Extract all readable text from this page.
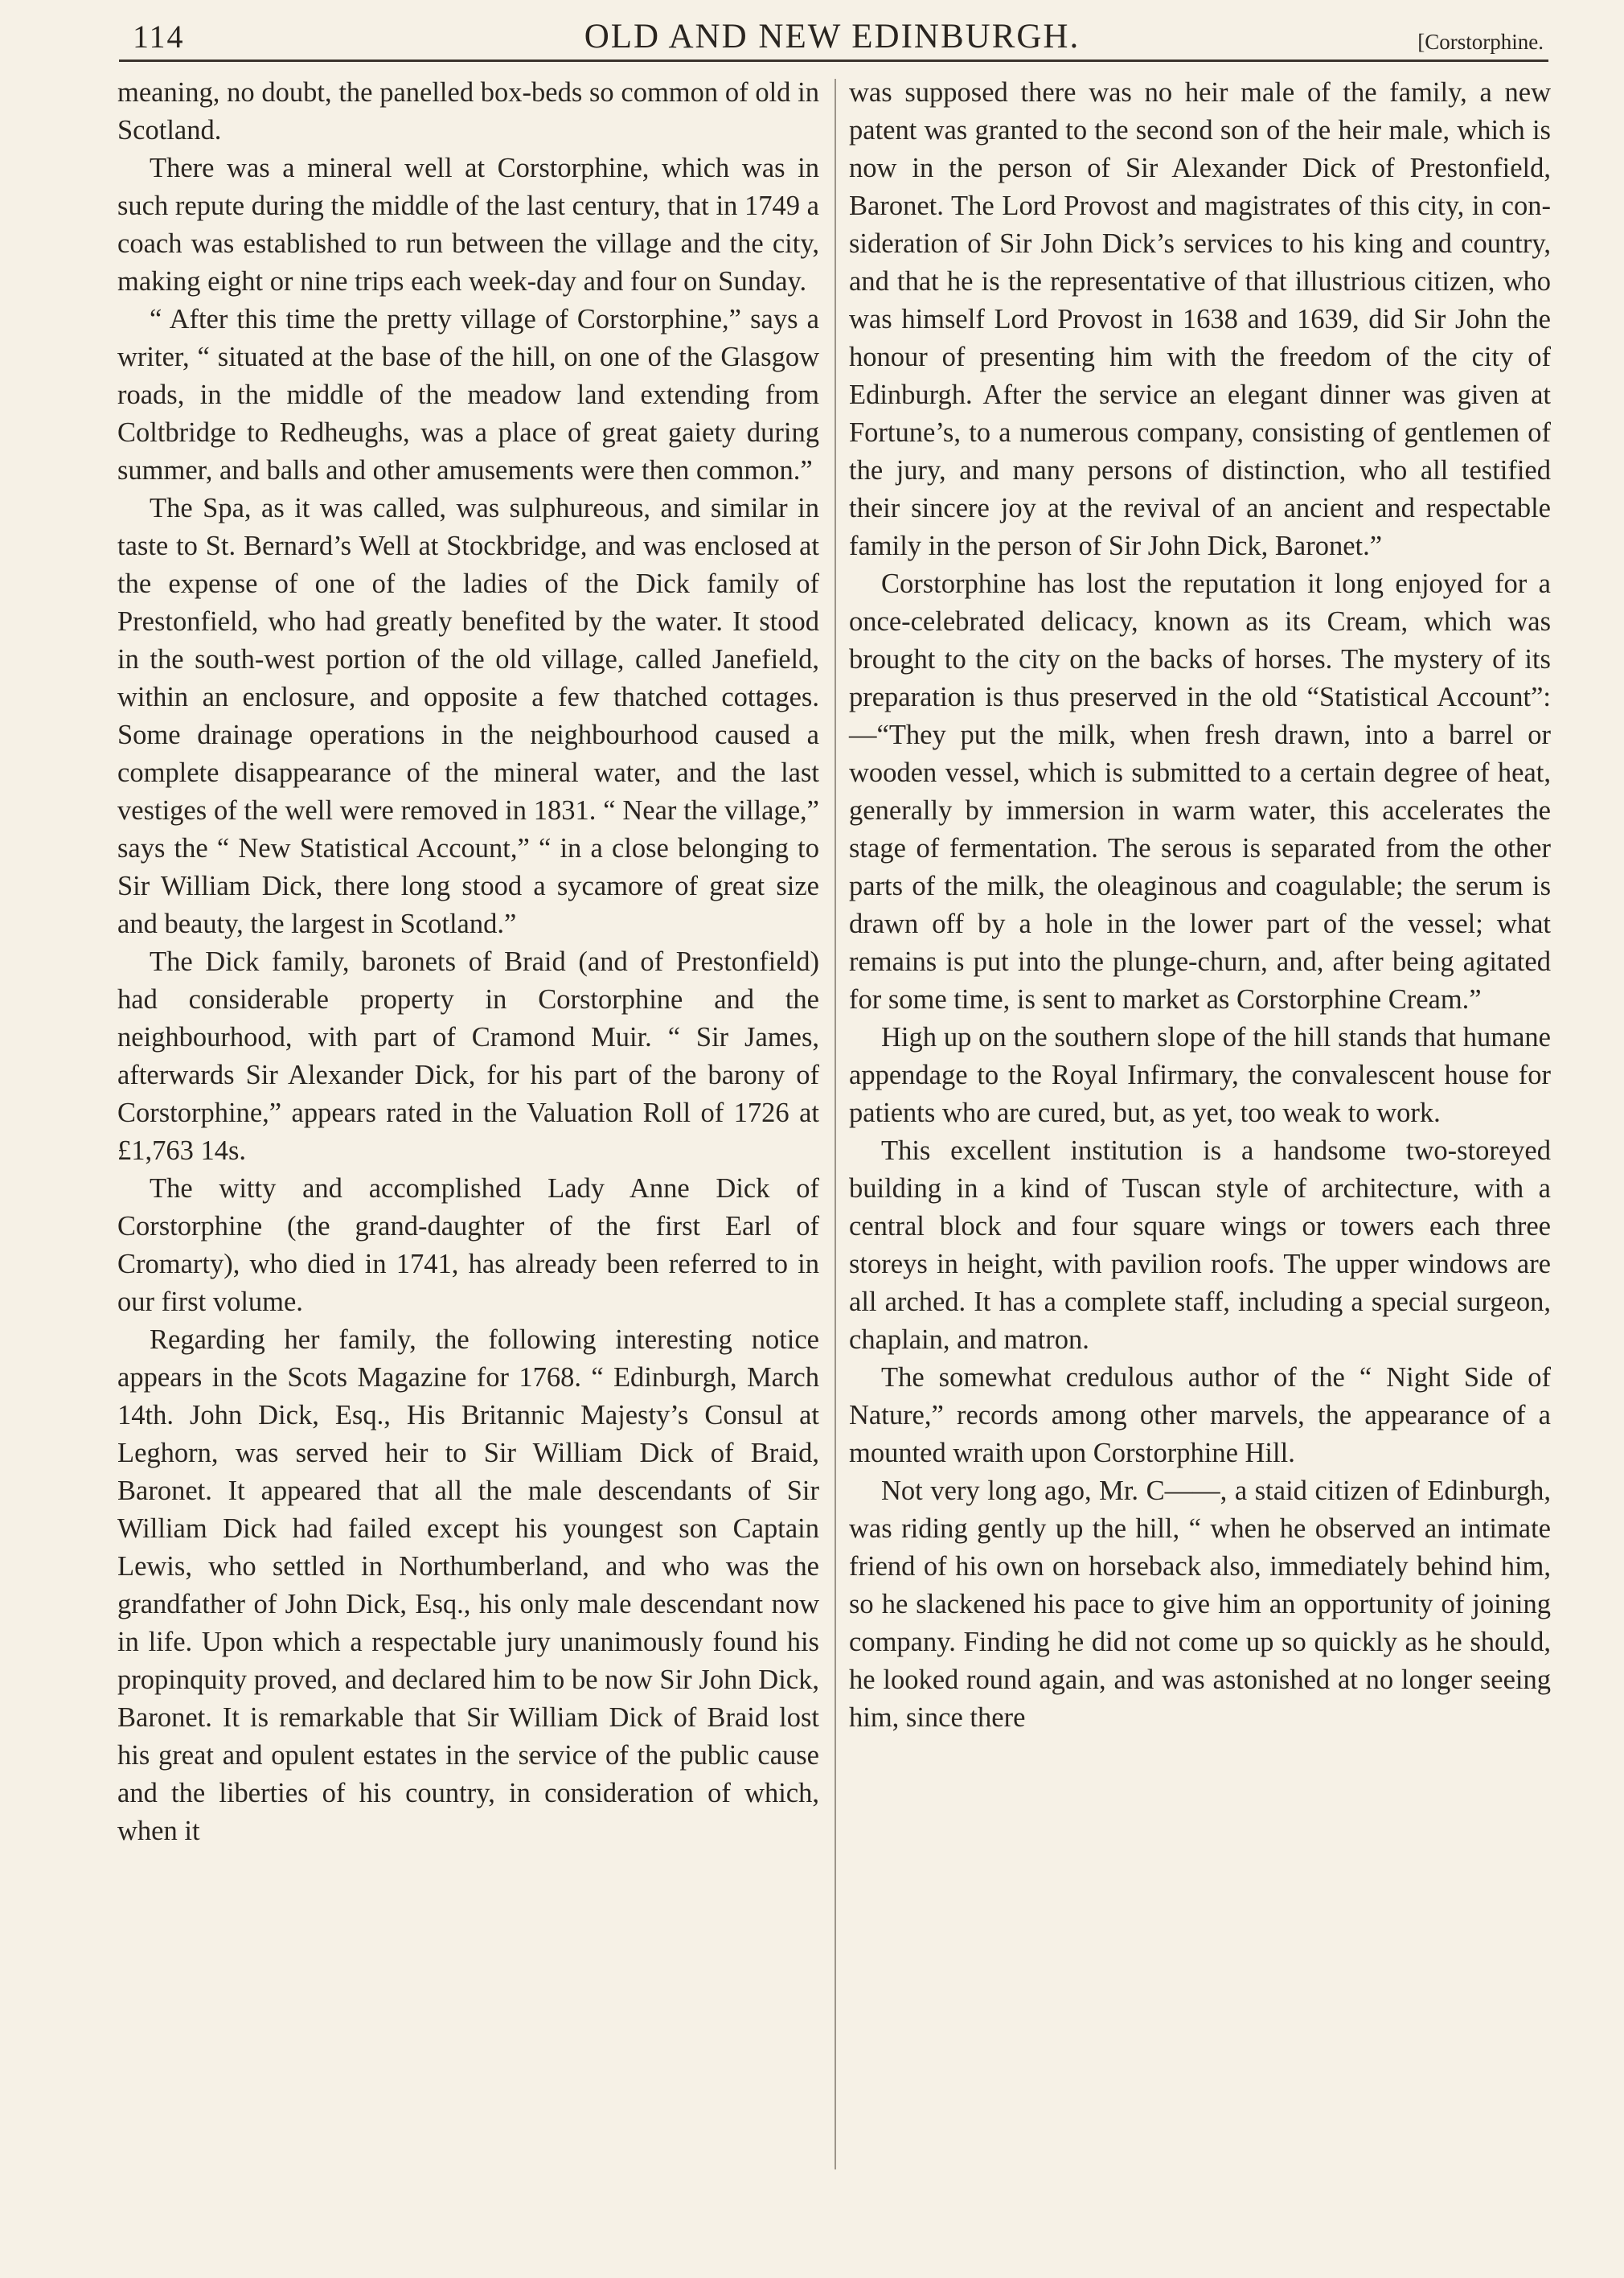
114	OLD AND NEW EDINBURGH.	[Corstorphine.

meaning, no doubt, the panelled box-beds so common of old in Scotland.

There was a mineral well at Corstorphine, which was in such repute during the middle of the last century, that in 1749 a coach was established to run between the village and the city, making eight or nine trips each week-day and four on Sunday.

“ After this time the pretty village of Corstorphine,” says a writer, “ situated at the base of the hill, on one of the Glasgow roads, in the middle of the meadow land extending from Coltbridge to Redheughs, was a place of great gaiety during summer, and balls and other amusements were then common.”

The Spa, as it was called, was sulphureous, and similar in taste to St. Bernard’s Well at Stockbridge, and was enclosed at the expense of one of the ladies of the Dick family of Prestonfield, who had greatly benefited by the water. It stood in the south-west portion of the old village, called Janefield, within an enclosure, and opposite a few thatched cottages. Some drainage operations in the neighbourhood caused a complete disappearance of the mineral water, and the last vestiges of the well were removed in 1831. “ Near the village,” says the “ New Statistical Account,” “ in a close belonging to Sir William Dick, there long stood a sycamore of great size and beauty, the largest in Scotland.”

The Dick family, baronets of Braid (and of Prestonfield) had considerable property in Corstorphine and the neighbourhood, with part of Cramond Muir. “ Sir James, afterwards Sir Alexander Dick, for his part of the barony of Corstorphine,” appears rated in the Valuation Roll of 1726 at £1,763 14s.

The witty and accomplished Lady Anne Dick of Corstorphine (the grand-daughter of the first Earl of Cromarty), who died in 1741, has already been referred to in our first volume.

Regarding her family, the following interesting notice appears in the Scots Magazine for 1768. “ Edinburgh, March 14th. John Dick, Esq., His Britannic Majesty’s Consul at Leghorn, was served heir to Sir William Dick of Braid, Baronet. It appeared that all the male descendants of Sir William Dick had failed except his youngest son Captain Lewis, who settled in Northumberland, and who was the grandfather of John Dick, Esq., his only male descendant now in life. Upon which a respectable jury unanimously found his propinquity proved, and declared him to be now Sir John Dick, Baronet. It is remarkable that Sir William Dick of Braid lost his great and opulent estates in the service of the public cause and the liberties of his country, in consideration of which, when it

was supposed there was no heir male of the family, a new patent was granted to the second son of the heir male, which is now in the person of Sir Alexander Dick of Prestonfield, Baronet. The Lord Provost and magistrates of this city, in consideration of Sir John Dick’s services to his king and country, and that he is the representative of that illustrious citizen, who was himself Lord Provost in 1638 and 1639, did Sir John the honour of presenting him with the freedom of the city of Edinburgh. After the service an elegant dinner was given at Fortune’s, to a numerous company, consisting of gentlemen of the jury, and many persons of distinction, who all testified their sincere joy at the revival of an ancient and respectable family in the person of Sir John Dick, Baronet.”

Corstorphine has lost the reputation it long enjoyed for a once-celebrated delicacy, known as its Cream, which was brought to the city on the backs of horses. The mystery of its preparation is thus preserved in the old “Statistical Account”:—“They put the milk, when fresh drawn, into a barrel or wooden vessel, which is submitted to a certain degree of heat, generally by immersion in warm water, this accelerates the stage of fermentation. The serous is separated from the other parts of the milk, the oleaginous and coagulable; the serum is drawn off by a hole in the lower part of the vessel; what remains is put into the plunge-churn, and, after being agitated for some time, is sent to market as Corstorphine Cream.”

High up on the southern slope of the hill stands that humane appendage to the Royal Infirmary, the convalescent house for patients who are cured, but, as yet, too weak to work.

This excellent institution is a handsome two-storeyed building in a kind of Tuscan style of architecture, with a central block and four square wings or towers each three storeys in height, with pavilion roofs. The upper windows are all arched. It has a complete staff, including a special surgeon, chaplain, and matron.

The somewhat credulous author of the “ Night Side of Nature,” records among other marvels, the appearance of a mounted wraith upon Corstorphine Hill.

Not very long ago, Mr. C——, a staid citizen of Edinburgh, was riding gently up the hill, “ when he observed an intimate friend of his own on horseback also, immediately behind him, so he slackened his pace to give him an opportunity of joining company. Finding he did not come up so quickly as he should, he looked round again, and was astonished at no longer seeing him, since there
